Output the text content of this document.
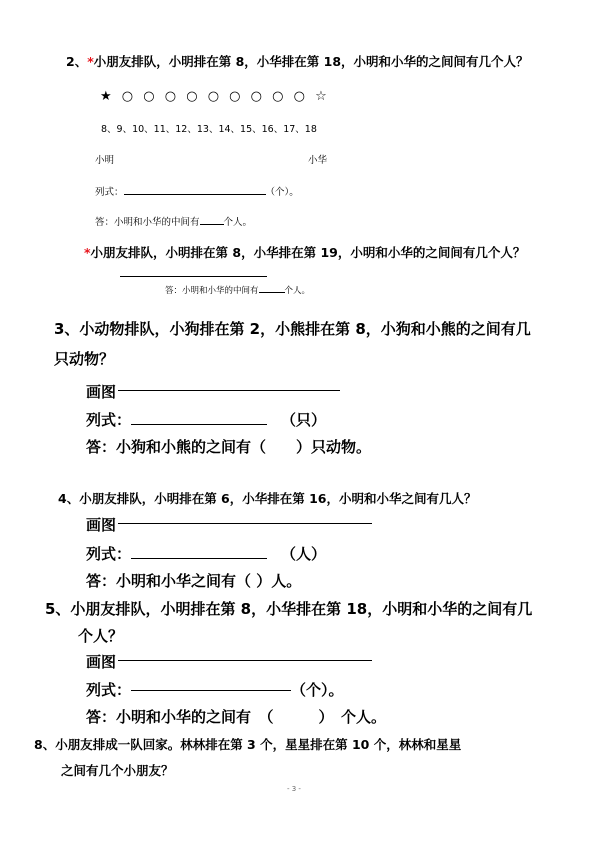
2、*小朋友排队，小明排在第 8，小华排在第 18，小明和小华的之间间有几个人？
★ ○ ○ ○ ○ ○ ○ ○ ○ ○ ☆
8、9、10、11、12、13、14、15、16、17、18
小明	小华
列式：	（个）。
答：小明和小华的中间有	个人。
*小朋友排队，小明排在第 8，小华排在第 19，小明和小华的之间间有几个人？
答：小明和小华的中间有	个人。
3、小动物排队，小狗排在第 2，小熊排在第 8，小狗和小熊的之间有几
只动物？
画图
列式：	（只）
答：小狗和小熊的之间有（　　）只动物。
4、小朋友排队，小明排在第 6，小华排在第 16，小明和小华之间有几人？
画图
列式：	（人）
答：小明和小华之间有（ ）人。
5、小朋友排队，小明排在第 8，小华排在第 18，小明和小华的之间有几
个人？
画图
列式：	（个）。
答：小明和小华的之间有　（　　　）　个人。
8、小朋友排成一队回家。林林排在第 3 个，星星排在第 10 个，林林和星星
之间有几个小朋友？
- 3 -
